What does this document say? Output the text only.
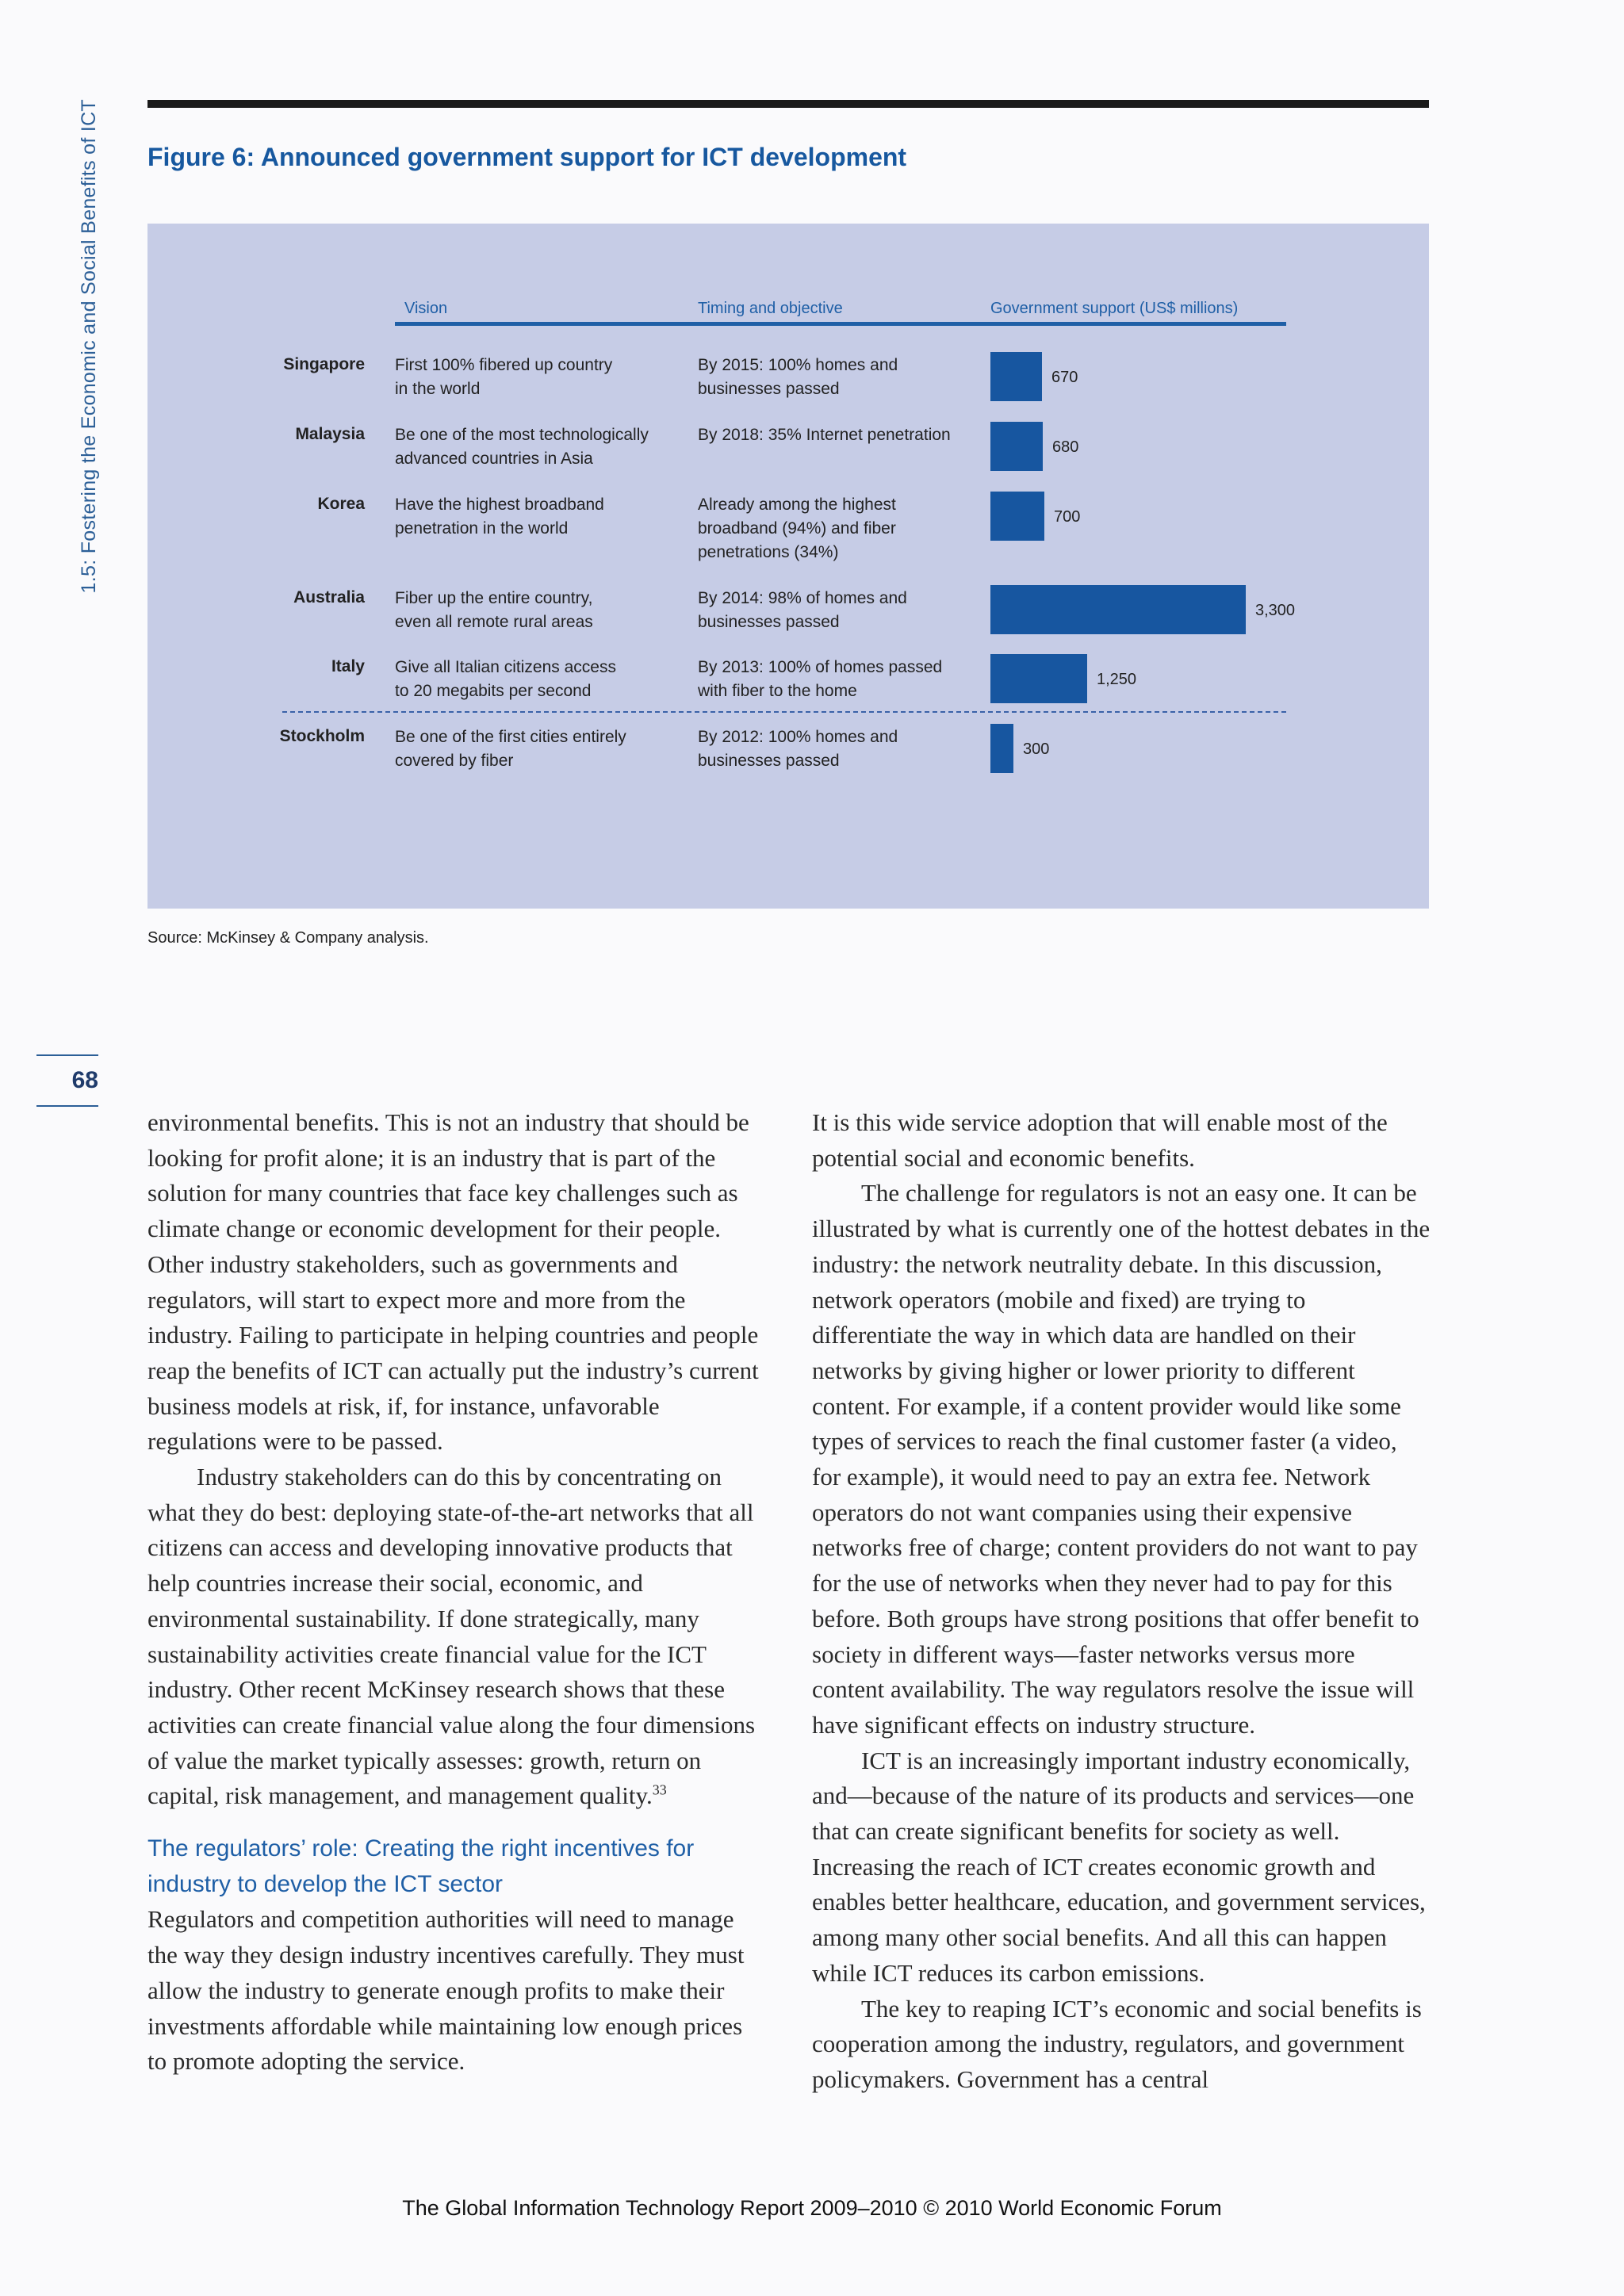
1.5: Fostering the Economic and Social Benefits of ICT
68
Figure 6: Announced government support for ICT development
Vision	Timing and objective	Government support (US$ millions)
Singapore First 100% fibered up country
in the world
By 2015: 100% homes and
businesses passed
670
Malaysia Be one of the most technologically
advanced countries in Asia
By 2018: 35% Internet penetration
680
Korea Have the highest broadband
penetration in the world
Already among the highest
broadband (94%) and fiber
penetrations (34%)
700
Australia Fiber up the entire country,
even all remote rural areas
By 2014: 98% of homes and
businesses passed
3,300
Italy Give all Italian citizens access
to 20 megabits per second
By 2013: 100% of homes passed
with fiber to the home
1,250
Stockholm Be one of the first cities entirely
covered by fiber
By 2012: 100% homes and
businesses passed
300
Source: McKinsey & Company analysis.

environmental benefits. This is not an industry that should be looking for profit alone; it is an industry that is part of the solution for many countries that face key challenges such as climate change or economic development for their people. Other industry stakeholders, such as governments and regulators, will start to expect more and more from the industry. Failing to participate in helping countries and people reap the benefits of ICT can actually put the industry’s current business models at risk, if, for instance, unfavorable regulations were to be passed.

Industry stakeholders can do this by concentrating on what they do best: deploying state-of-the-art networks that all citizens can access and developing innovative products that help countries increase their social, economic, and environmental sustainability. If done strategically, many sustainability activities create financial value for the ICT industry. Other recent McKinsey research shows that these activities can create financial value along the four dimensions of value the market typically assesses: growth, return on capital, risk management, and management quality.$^{33}$

The regulators’ role: Creating the right incentives for industry to develop the ICT sector

Regulators and competition authorities will need to manage the way they design industry incentives carefully. They must allow the industry to generate enough profits to make their investments affordable while maintaining low enough prices to promote adopting the service.

It is this wide service adoption that will enable most of the potential social and economic benefits.

The challenge for regulators is not an easy one. It can be illustrated by what is currently one of the hottest debates in the industry: the network neutrality debate. In this discussion, network operators (mobile and fixed) are trying to differentiate the way in which data are handled on their networks by giving higher or lower priority to different content. For example, if a content provider would like some types of services to reach the final customer faster (a video, for example), it would need to pay an extra fee. Network operators do not want companies using their expensive networks free of charge; content providers do not want to pay for the use of networks when they never had to pay for this before. Both groups have strong positions that offer benefit to society in different ways—faster networks versus more content availability. The way regulators resolve the issue will have significant effects on industry structure.

ICT is an increasingly important industry economically, and—because of the nature of its products and services—one that can create significant benefits for society as well. Increasing the reach of ICT creates economic growth and enables better healthcare, education, and government services, among many other social benefits. And all this can happen while ICT reduces its carbon emissions.

The key to reaping ICT’s economic and social benefits is cooperation among the industry, regulators, and government policymakers. Government has a central

The Global Information Technology Report 2009–2010 © 2010 World Economic Forum
